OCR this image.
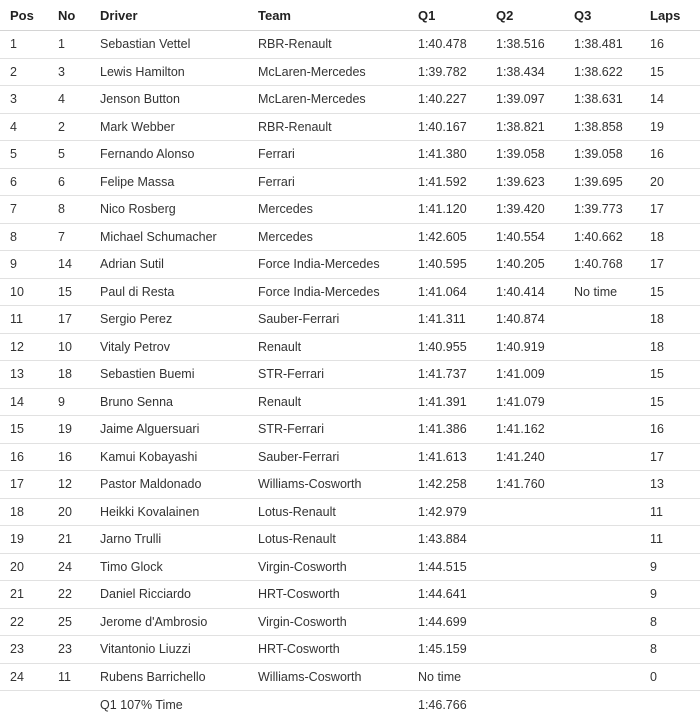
Pos	No	Driver	Team	Q1	Q2	Q3	Laps
1	1	Sebastian Vettel	RBR-Renault	1:40.478	1:38.516	1:38.481	16
2	3	Lewis Hamilton	McLaren-Mercedes	1:39.782	1:38.434	1:38.622	15
3	4	Jenson Button	McLaren-Mercedes	1:40.227	1:39.097	1:38.631	14
4	2	Mark Webber	RBR-Renault	1:40.167	1:38.821	1:38.858	19
5	5	Fernando Alonso	Ferrari	1:41.380	1:39.058	1:39.058	16
6	6	Felipe Massa	Ferrari	1:41.592	1:39.623	1:39.695	20
7	8	Nico Rosberg	Mercedes	1:41.120	1:39.420	1:39.773	17
8	7	Michael Schumacher	Mercedes	1:42.605	1:40.554	1:40.662	18
9	14	Adrian Sutil	Force India-Mercedes	1:40.595	1:40.205	1:40.768	17
10	15	Paul di Resta	Force India-Mercedes	1:41.064	1:40.414	No time	15
11	17	Sergio Perez	Sauber-Ferrari	1:41.311	1:40.874		18
12	10	Vitaly Petrov	Renault	1:40.955	1:40.919		18
13	18	Sebastien Buemi	STR-Ferrari	1:41.737	1:41.009		15
14	9	Bruno Senna	Renault	1:41.391	1:41.079		15
15	19	Jaime Alguersuari	STR-Ferrari	1:41.386	1:41.162		16
16	16	Kamui Kobayashi	Sauber-Ferrari	1:41.613	1:41.240		17
17	12	Pastor Maldonado	Williams-Cosworth	1:42.258	1:41.760		13
18	20	Heikki Kovalainen	Lotus-Renault	1:42.979			11
19	21	Jarno Trulli	Lotus-Renault	1:43.884			11
20	24	Timo Glock	Virgin-Cosworth	1:44.515			9
21	22	Daniel Ricciardo	HRT-Cosworth	1:44.641			9
22	25	Jerome d'Ambrosio	Virgin-Cosworth	1:44.699			8
23	23	Vitantonio Liuzzi	HRT-Cosworth	1:45.159			8
24	11	Rubens Barrichello	Williams-Cosworth	No time			0
		Q1 107% Time		1:46.766			
